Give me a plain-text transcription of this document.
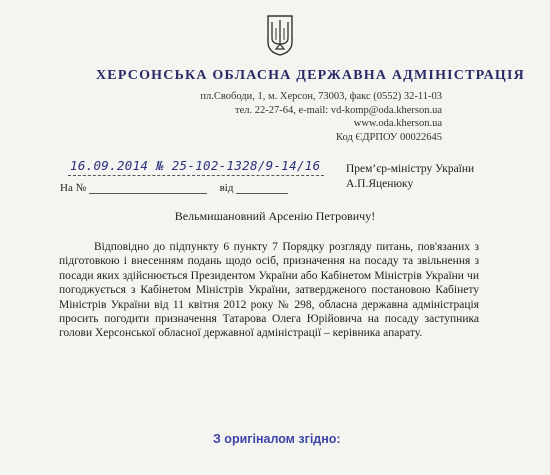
ХЕРСОНСЬКА ОБЛАСНА ДЕРЖАВНА АДМІНІСТРАЦІЯ
пл.Свободи, 1, м. Херсон, 73003, факс (0552) 32-11-03
тел. 22-27-64, e-mail: vd-komp@oda.kherson.ua
www.oda.kherson.ua
Код ЄДРПОУ 00022645
16.09.2014 № 25-102-1328/9-14/16
На №	від
Прем’єр-міністру України
А.П.Яценюку
Вельмишановний Арсенію Петровичу!
Відповідно до підпункту 6 пункту 7 Порядку розгляду питань, пов'язаних з підготовкою і внесенням подань щодо осіб, призначення на посаду та звільнення з посади яких здійснюється Президентом України або Кабінетом Міністрів України чи погоджується з Кабінетом Міністрів України, затвердженого постановою Кабінету Міністрів України від 11 квітня 2012 року № 298, обласна державна адміністрація просить погодити призначення Татарова Олега Юрійовича на посаду заступника голови Херсонської обласної державної адміністрації – керівника апарату.
З оригіналом згідно:
